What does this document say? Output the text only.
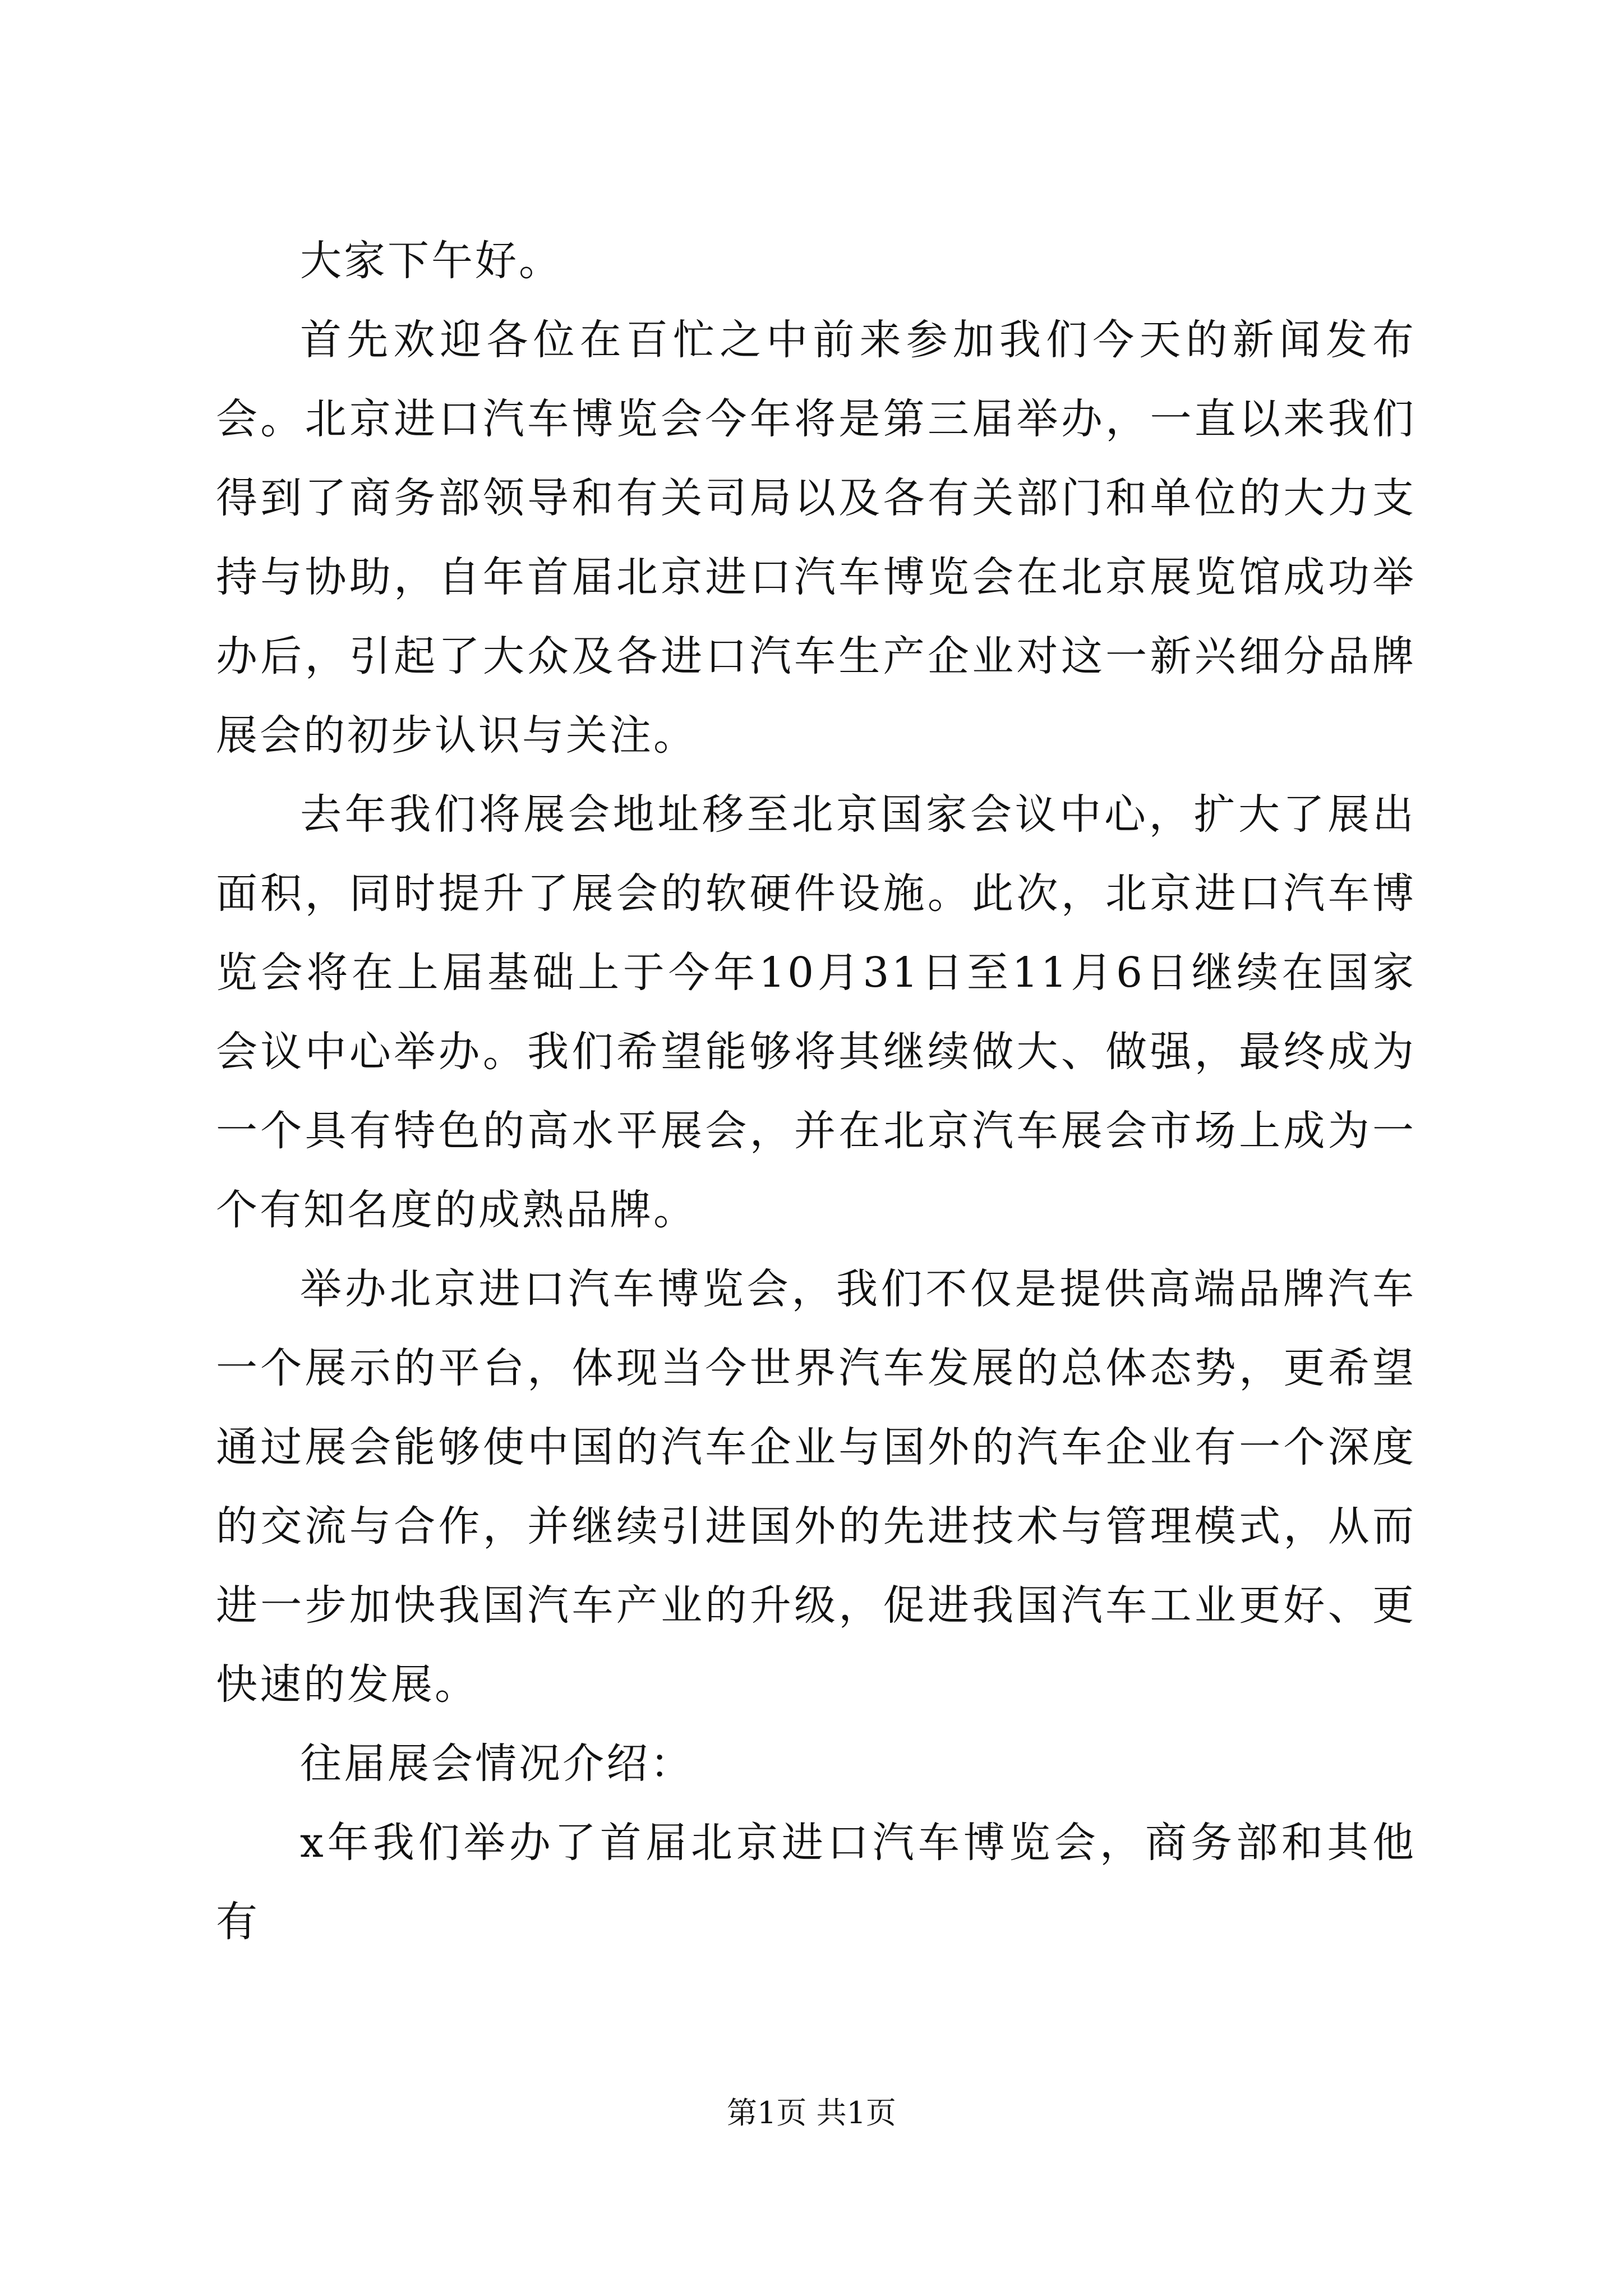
大家下午好。

首先欢迎各位在百忙之中前来参加我们今天的新闻发布会。北京进口汽车博览会今年将是第三届举办，一直以来我们得到了商务部领导和有关司局以及各有关部门和单位的大力支持与协助，自年首届北京进口汽车博览会在北京展览馆成功举办后，引起了大众及各进口汽车生产企业对这一新兴细分品牌展会的初步认识与关注。

去年我们将展会地址移至北京国家会议中心，扩大了展出面积，同时提升了展会的软硬件设施。此次，北京进口汽车博览会将在上届基础上于今年10月31日至11月6日继续在国家会议中心举办。我们希望能够将其继续做大、做强，最终成为一个具有特色的高水平展会，并在北京汽车展会市场上成为一个有知名度的成熟品牌。

举办北京进口汽车博览会，我们不仅是提供高端品牌汽车一个展示的平台，体现当今世界汽车发展的总体态势，更希望通过展会能够使中国的汽车企业与国外的汽车企业有一个深度的交流与合作，并继续引进国外的先进技术与管理模式，从而进一步加快我国汽车产业的升级，促进我国汽车工业更好、更快速的发展。

往届展会情况介绍：

x年我们举办了首届北京进口汽车博览会，商务部和其他有

第1页 共1页
